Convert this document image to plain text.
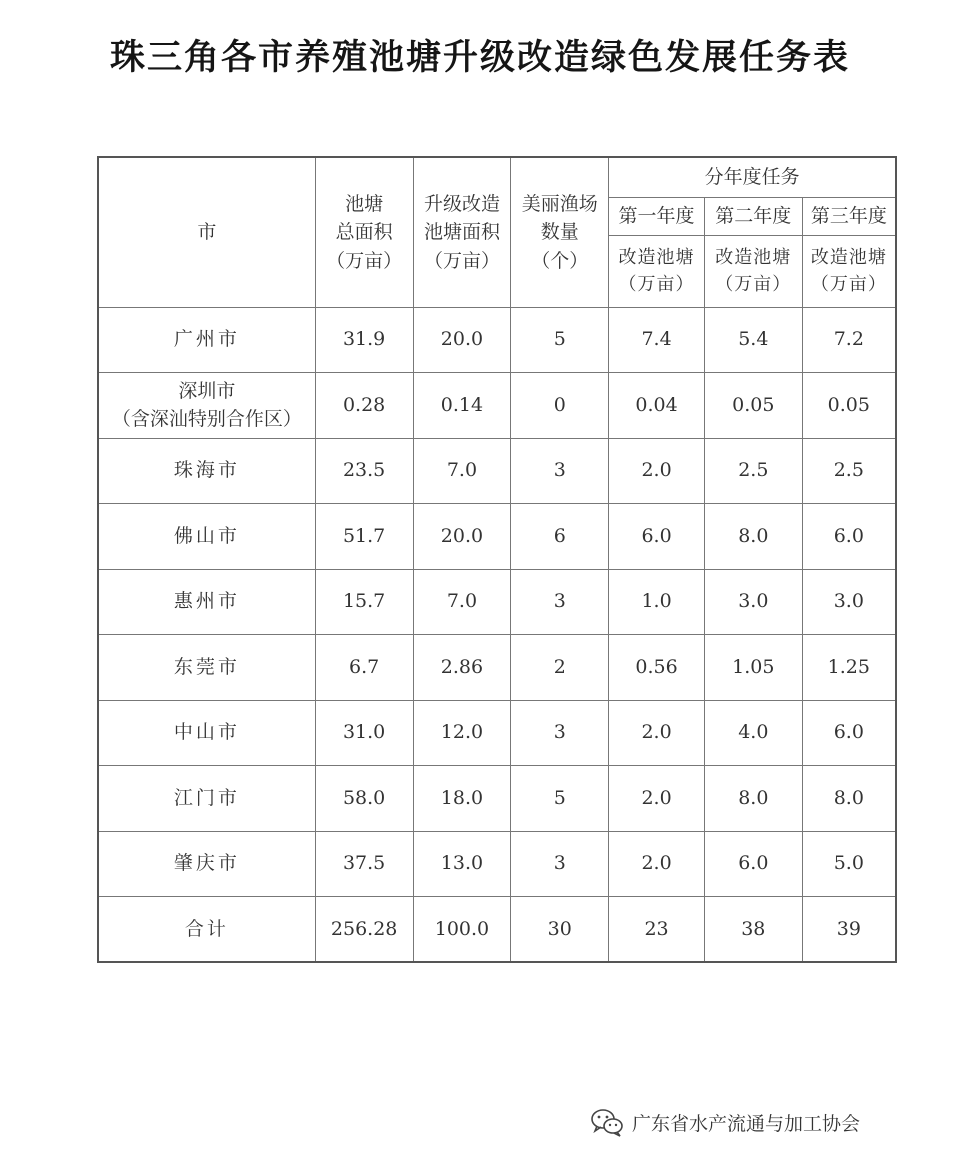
珠三角各市养殖池塘升级改造绿色发展任务表
市	池塘
总面积
（万亩）	升级改造
池塘面积
（万亩）	美丽渔场
数量
（个）	分年度任务		
				第一年度	第二年度	第三年度

				改造池塘
（万亩）	改造池塘
（万亩）	改造池塘
（万亩）

广州市	31.9	20.0	5	7.4	5.4	7.2

深圳市
（含深汕特别合作区）	0.28	0.14	0	0.04	0.05	0.05
珠海市	23.5	7.0	3	2.0	2.5	2.5
佛山市	51.7	20.0	6	6.0	8.0	6.0
惠州市	15.7	7.0	3	1.0	3.0	3.0
东莞市	6.7	2.86	2	0.56	1.05	1.25
中山市	31.0	12.0	3	2.0	4.0	6.0
江门市	58.0	18.0	5	2.0	8.0	8.0
肇庆市	37.5	13.0	3	2.0	6.0	5.0
合计	256.28	100.0	30	23	38	39
广东省水产流通与加工协会
